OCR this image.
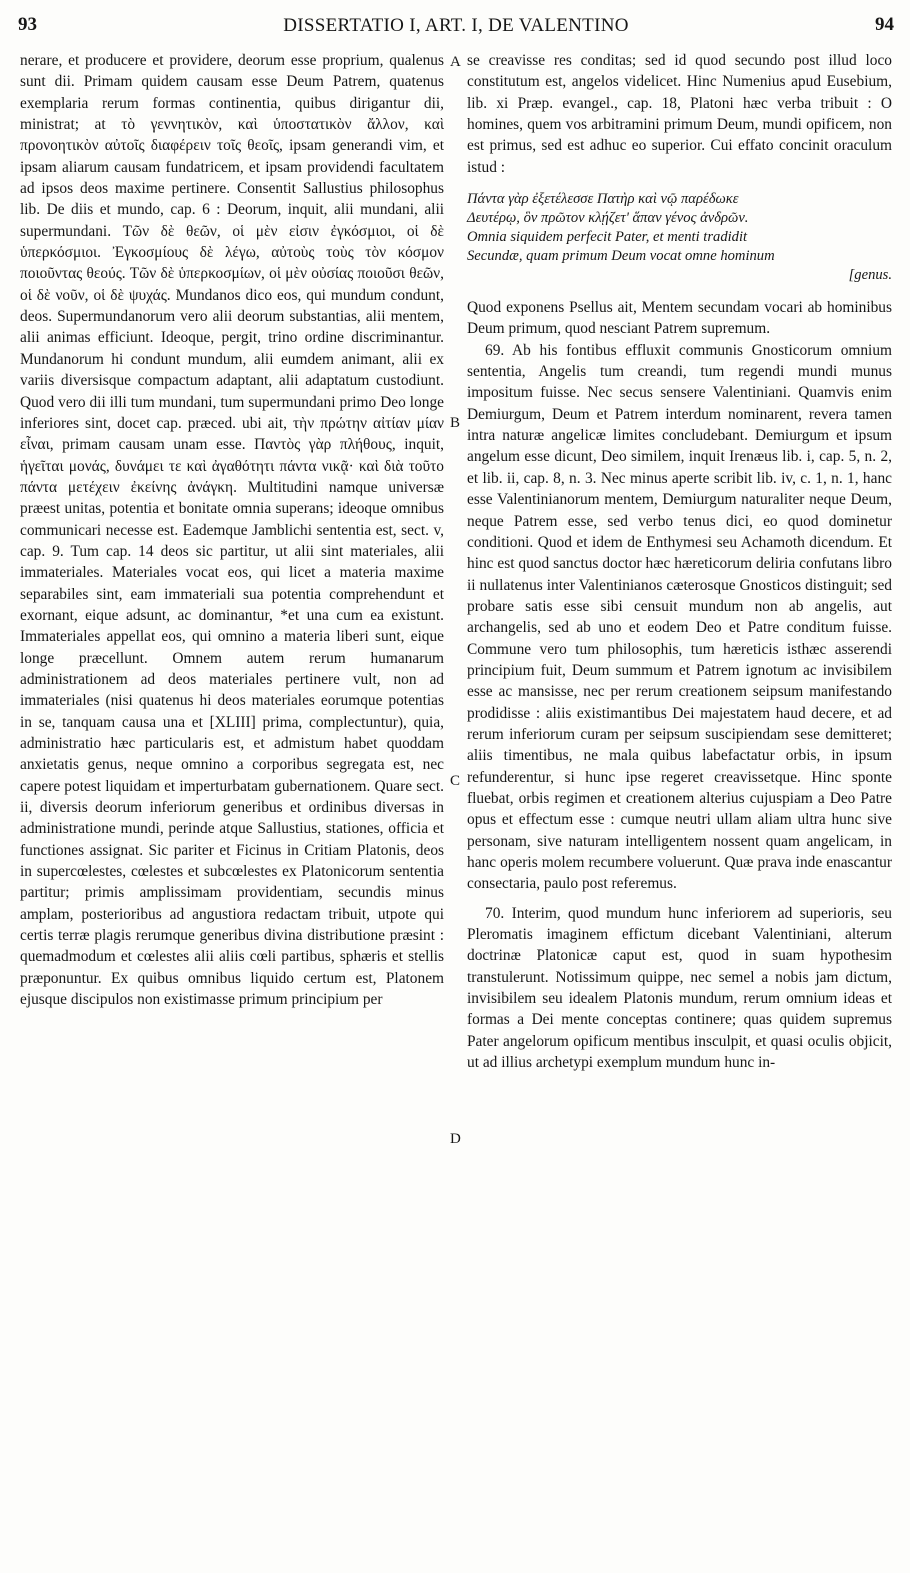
93	DISSERTATIO I, ART. I, DE VALENTINO	94
A
B
C
D

nerare, et producere et providere, deorum esse proprium, qualenus sunt dii. Primam quidem causam esse Deum Patrem, quatenus exemplaria rerum formas continentia, quibus dirigantur dii, ministrat; at τὸ γεννητικὸν, καὶ ὑποστατικὸν ἄλλον, καὶ προνοητικὸν αὐτοῖς διαφέρειν τοῖς θεοῖς, ipsam generandi vim, et ipsam aliarum causam fundatricem, et ipsam providendi facultatem ad ipsos deos maxime pertinere. Consentit Sallustius philosophus lib. De diis et mundo, cap. 6 : Deorum, inquit, alii mundani, alii supermundani. Τῶν δὲ θεῶν, οἱ μὲν εἰσιν ἐγκόσμιοι, οἱ δὲ ὑπερκόσμιοι. Ἐγκοσμίους δὲ λέγω, αὐτοὺς τοὺς τὸν κόσμον ποιοῦντας θεούς. Τῶν δὲ ὑπερκοσμίων, οἱ μὲν οὐσίας ποιοῦσι θεῶν, οἱ δὲ νοῦν, οἱ δὲ ψυχάς. Mundanos dico eos, qui mundum condunt, deos. Supermundanorum vero alii deorum substantias, alii mentem, alii animas efficiunt. Ideoque, pergit, trino ordine discriminantur. Mundanorum hi condunt mundum, alii eumdem animant, alii ex variis diversisque compactum adaptant, alii adaptatum custodiunt. Quod vero dii illi tum mundani, tum supermundani primo Deo longe inferiores sint, docet cap. præced. ubi ait, τὴν πρώτην αἰτίαν μίαν εἶναι, primam causam unam esse. Παντὸς γὰρ πλήθους, inquit, ἡγεῖται μονάς, δυνάμει τε καὶ ἀγαθότητι πάντα νικᾷ· καὶ διὰ τοῦτο πάντα μετέχειν ἐκείνης ἀνάγκη. Multitudini namque universæ præest unitas, potentia et bonitate omnia superans; ideoque omnibus communicari necesse est. Eademque Jamblichi sententia est, sect. v, cap. 9. Tum cap. 14 deos sic partitur, ut alii sint materiales, alii immateriales. Materiales vocat eos, qui licet a materia maxime separabiles sint, eam immateriali sua potentia comprehendunt et exornant, eique adsunt, ac dominantur, *et una cum ea existunt. Immateriales appellat eos, qui omnino a materia liberi sunt, eique longe præcellunt. Omnem autem rerum humanarum administrationem ad deos materiales pertinere vult, non ad immateriales (nisi quatenus hi deos materiales eorumque potentias in se, tanquam causa una et [XLIII] prima, complectuntur), quia, administratio hæc particularis est, et admistum habet quoddam anxietatis genus, neque omnino a corporibus segregata est, nec capere potest liquidam et imperturbatam gubernationem. Quare sect. ii, diversis deorum inferiorum generibus et ordinibus diversas in administratione mundi, perinde atque Sallustius, stationes, officia et functiones assignat. Sic pariter et Ficinus in Critiam Platonis, deos in supercœlestes, cœlestes et subcœlestes ex Platonicorum sententia partitur; primis amplissimam providentiam, secundis minus amplam, posterioribus ad angustiora redactam tribuit, utpote qui certis terræ plagis rerumque generibus divina distributione præsint : quemadmodum et cœlestes alii aliis cœli partibus, sphæris et stellis præponuntur. Ex quibus omnibus liquido certum est, Platonem ejusque discipulos non existimasse primum principium per

se creavisse res conditas; sed id quod secundo post illud loco constitutum est, angelos videlicet. Hinc Numenius apud Eusebium, lib. xi Præp. evangel., cap. 18, Platoni hæc verba tribuit : O homines, quem vos arbitramini primum Deum, mundi opificem, non est primus, sed est adhuc eo superior. Cui effato concinit oraculum istud :

Πάντα γὰρ ἐξετέλεσσε Πατὴρ καὶ νῷ παρέδωκε
Δευτέρῳ, ὃν πρῶτον κλῄζετ' ἅπαν γένος ἀνδρῶν.
Omnia siquidem perfecit Pater, et menti tradidit
Secundæ, quam primum Deum vocat omne hominum
[genus.

Quod exponens Psellus ait, Mentem secundam vocari ab hominibus Deum primum, quod nesciant Patrem supremum.

69. Ab his fontibus effluxit communis Gnosticorum omnium sententia, Angelis tum creandi, tum regendi mundi munus impositum fuisse. Nec secus sensere Valentiniani. Quamvis enim Demiurgum, Deum et Patrem interdum nominarent, revera tamen intra naturæ angelicæ limites concludebant. Demiurgum et ipsum angelum esse dicunt, Deo similem, inquit Irenæus lib. i, cap. 5, n. 2, et lib. ii, cap. 8, n. 3. Nec minus aperte scribit lib. iv, c. 1, n. 1, hanc esse Valentinianorum mentem, Demiurgum naturaliter neque Deum, neque Patrem esse, sed verbo tenus dici, eo quod dominetur conditioni. Quod et idem de Enthymesi seu Achamoth dicendum. Et hinc est quod sanctus doctor hæc hæreticorum deliria confutans libro ii nullatenus inter Valentinianos cæterosque Gnosticos distinguit; sed probare satis esse sibi censuit mundum non ab angelis, aut archangelis, sed ab uno et eodem Deo et Patre conditum fuisse. Commune vero tum philosophis, tum hæreticis isthæc asserendi principium fuit, Deum summum et Patrem ignotum ac invisibilem esse ac mansisse, nec per rerum creationem seipsum manifestando prodidisse : aliis existimantibus Dei majestatem haud decere, et ad rerum inferiorum curam per seipsum suscipiendam sese demitteret; aliis timentibus, ne mala quibus labefactatur orbis, in ipsum refunderentur, si hunc ipse regeret creavissetque. Hinc sponte fluebat, orbis regimen et creationem alterius cujuspiam a Deo Patre opus et effectum esse : cumque neutri ullam aliam ultra hunc sive personam, sive naturam intelligentem nossent quam angelicam, in hanc operis molem recumbere voluerunt. Quæ prava inde enascantur consectaria, paulo post referemus.

70. Interim, quod mundum hunc inferiorem ad superioris, seu Pleromatis imaginem effictum dicebant Valentiniani, alterum doctrinæ Platonicæ caput est, quod in suam hypothesim transtulerunt. Notissimum quippe, nec semel a nobis jam dictum, invisibilem seu idealem Platonis mundum, rerum omnium ideas et formas a Dei mente conceptas continere; quas quidem supremus Pater angelorum opificum mentibus insculpit, et quasi oculis objicit, ut ad illius archetypi exemplum mundum hunc in-
